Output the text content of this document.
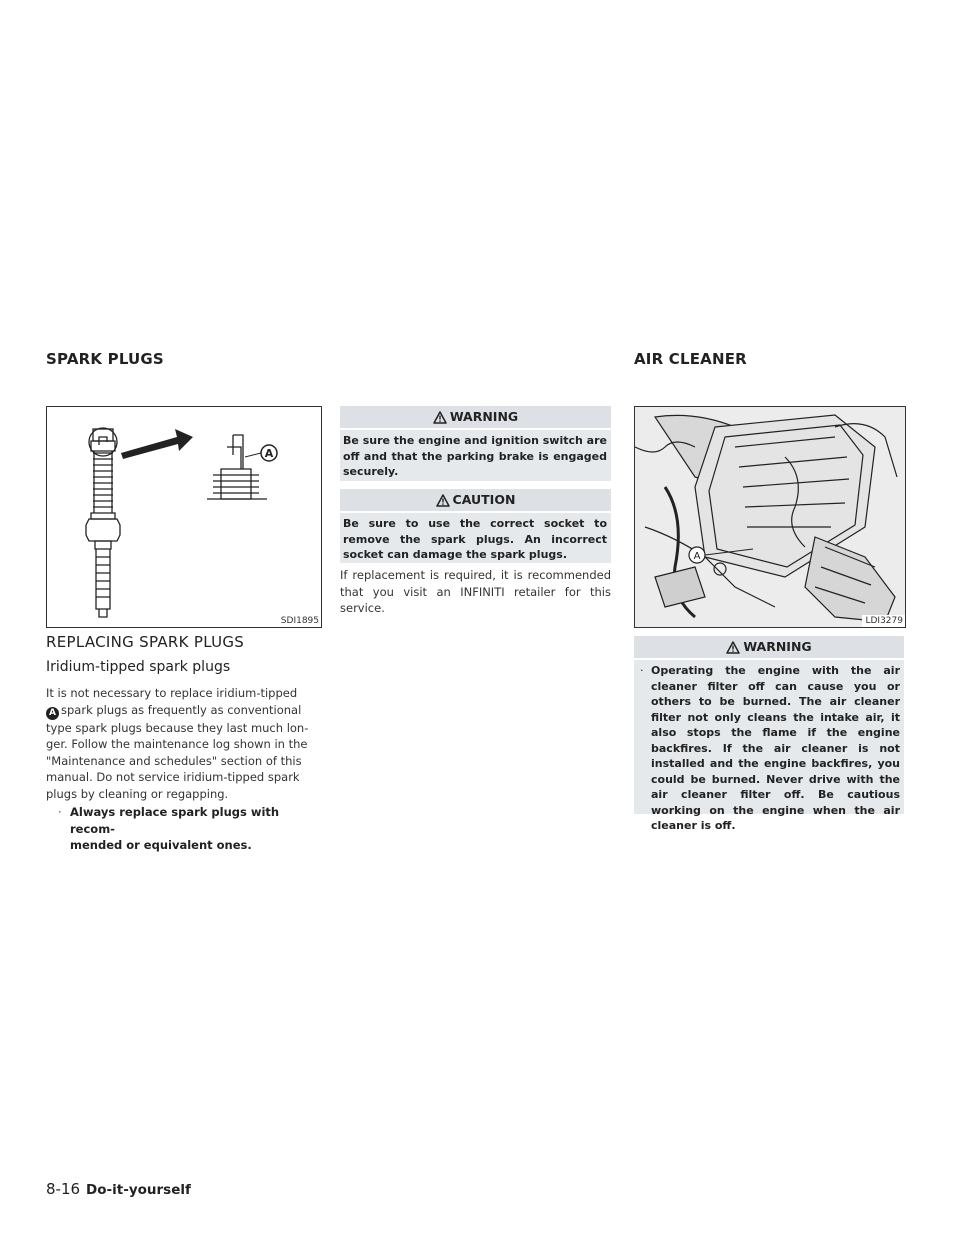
SPARK PLUGS	AIR CLEANER
A
SDI1895
REPLACING SPARK PLUGS
Iridium-tipped spark plugs
It is not necessary to replace iridium-tipped
A spark plugs as frequently as conventional
type spark plugs because they last much lon-
ger. Follow the maintenance log shown in the
"Maintenance and schedules" section of this
manual. Do not service iridium-tipped spark
plugs by cleaning or regapping.
· Always replace spark plugs with recom-
mended or equivalent ones.
WARNING
Be sure the engine and ignition switch are off and that the parking brake is engaged securely.
CAUTION
Be sure to use the correct socket to remove the spark plugs. An incorrect socket can damage the spark plugs.
If replacement is required, it is recommended that you visit an INFINITI retailer for this service.
A
LDI3279
WARNING
· Operating the engine with the air cleaner filter off can cause you or others to be burned. The air cleaner filter not only cleans the intake air, it also stops the flame if the engine backfires. If the air cleaner is not installed and the engine backfires, you could be burned. Never drive with the air cleaner filter off. Be cautious working on the engine when the air cleaner is off.
8-16 Do-it-yourself
